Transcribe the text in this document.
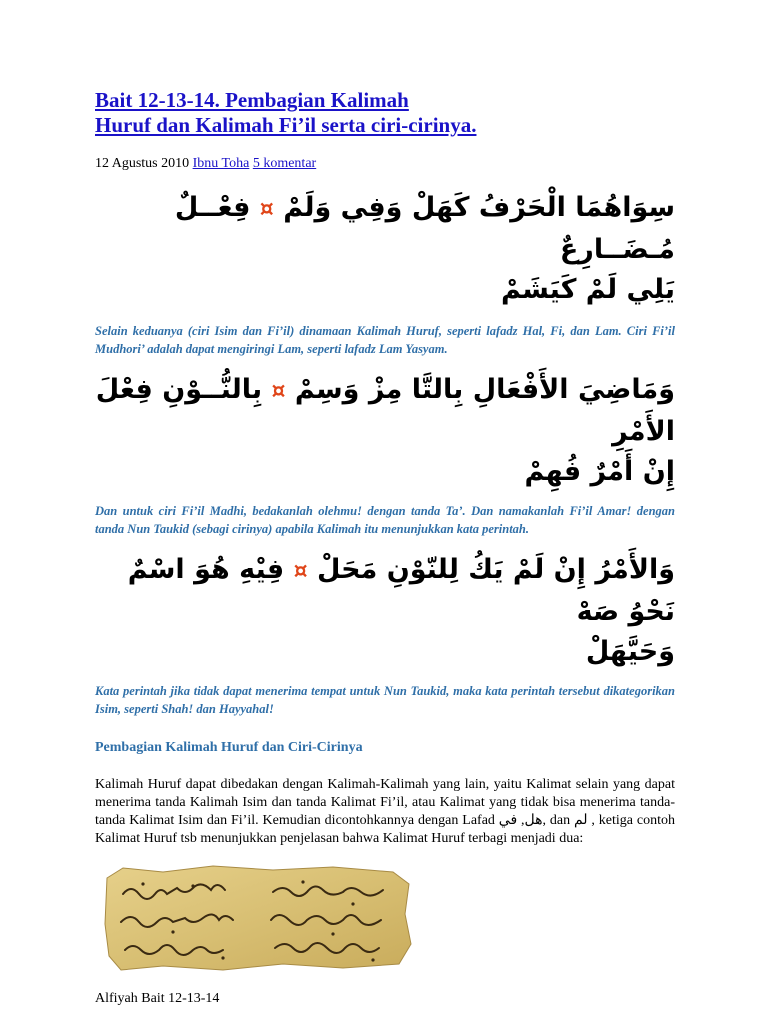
Bait 12-13-14. Pembagian Kalimah
Huruf dan Kalimah Fi’il serta ciri-cirinya.
12 Agustus 2010 Ibnu Toha 5 komentar
سِوَاهُمَا الْحَرْفُ كَهَلْ وَفِي وَلَمْ ¤ فِعْــلٌ مُـضَــارِعٌ
يَلِي لَمْ كَيَشَمْ

Selain keduanya (ciri Isim dan Fi’il) dinamaan Kalimah Huruf, seperti lafadz Hal, Fi, dan Lam. Ciri Fi’il Mudhori’ adalah dapat mengiringi Lam, seperti lafadz Lam Yasyam.

وَمَاضِيَ الأَفْعَالِ بِالتَّا مِزْ وَسِمْ ¤ بِالنُّــوْنِ فِعْلَ الأَمْرِ
إِنْ أَمْرٌ فُهِمْ

Dan untuk ciri Fi’il Madhi, bedakanlah olehmu! dengan tanda Ta’. Dan namakanlah Fi’il Amar! dengan tanda Nun Taukid (sebagi cirinya) apabila Kalimah itu menunjukkan kata perintah.

وَالأَمْرُ إِنْ لَمْ يَكُ لِلنّوْنِ مَحَلْ ¤ فِيْهِ هُوَ اسْمٌ نَحْوُ صَهْ
وَحَيَّهَلْ

Kata perintah jika tidak dapat menerima tempat untuk Nun Taukid, maka kata perintah tersebut dikategorikan Isim, seperti Shah! dan Hayyahal!

Pembagian Kalimah Huruf dan Ciri-Cirinya

Kalimah Huruf dapat dibedakan dengan Kalimah-Kalimah yang lain, yaitu Kalimat selain yang dapat menerima tanda Kalimah Isim dan tanda Kalimat Fi’il, atau Kalimat yang tidak bisa menerima tanda-tanda Kalimat Isim dan Fi’il. Kemudian dicontohkannya dengan Lafad هل, في, dan لم , ketiga contoh Kalimat Huruf tsb menunjukkan penjelasan bahwa Kalimat Huruf terbagi menjadi dua:

Alfiyah Bait 12-13-14
